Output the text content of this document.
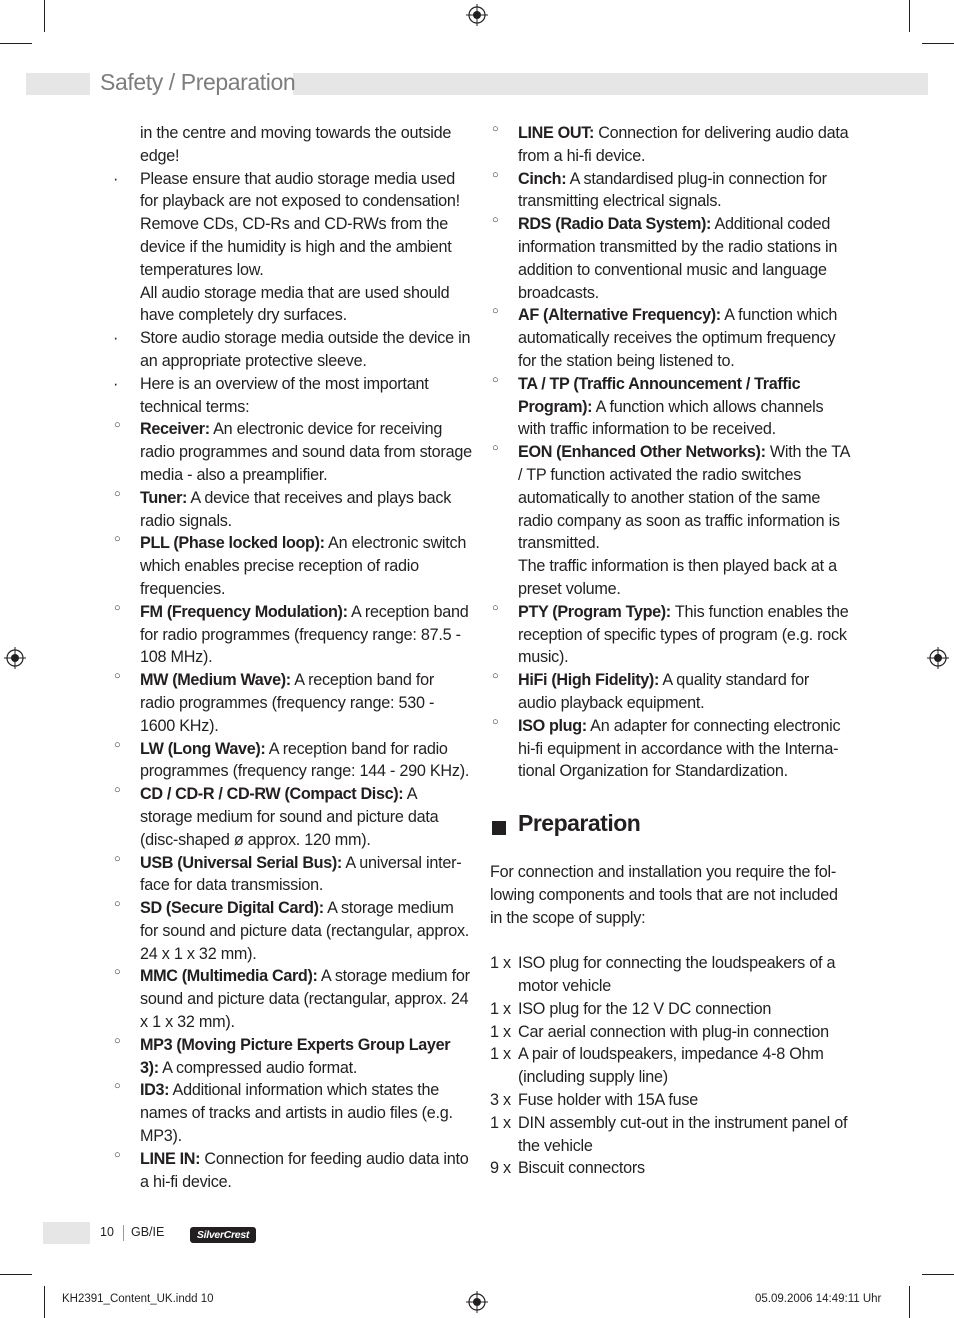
Safety / Preparation
in the centre and moving towards the outside edge!
·	Please ensure that audio storage media used for playback are not exposed to condensation! Remove CDs, CD-Rs and CD-RWs from the device if the humidity is high and the ambient temperatures low.
All audio storage media that are used should have completely dry surfaces.
·	Store audio storage media outside the device in an appropriate protective sleeve.
·	Here is an overview of the most important technical terms:
○	Receiver: An electronic device for receiving radio programmes and sound data from storage media - also a preamplifier.
○	Tuner: A device that receives and plays back radio signals.
○	PLL (Phase locked loop): An electronic switch which enables precise reception of radio frequencies.
○	FM (Frequency Modulation): A reception band for radio programmes (frequency range: 87.5 - 108 MHz).
○	MW (Medium Wave): A reception band for radio programmes (frequency range: 530 - 1600 KHz).
○	LW (Long Wave): A reception band for radio programmes (frequency range: 144 - 290 KHz).
○	CD / CD-R / CD-RW (Compact Disc): A storage medium for sound and picture data (disc-shaped ø approx. 120 mm).
○	USB (Universal Serial Bus): A universal inter-face for data transmission.
○	SD (Secure Digital Card): A storage medium for sound and picture data (rectangular, approx. 24 x 1 x 32 mm).
○	MMC (Multimedia Card): A storage medium for sound and picture data (rectangular, approx. 24 x 1 x 32 mm).
○	MP3 (Moving Picture Experts Group Layer 3): A compressed audio format.
○	ID3: Additional information which states the names of tracks and artists in audio files (e.g. MP3).
○	LINE IN: Connection for feeding audio data into a hi-fi device.
○	LINE OUT: Connection for delivering audio data from a hi-fi device.
○	Cinch: A standardised plug-in connection for transmitting electrical signals.
○	RDS (Radio Data System): Additional coded information transmitted by the radio stations in addition to conventional music and language broadcasts.
○	AF (Alternative Frequency): A function which automatically receives the optimum frequency for the station being listened to.
○	TA / TP (Traffic Announcement / Traffic Program): A function which allows channels with traffic information to be received.
○	EON (Enhanced Other Networks): With the TA / TP function activated the radio switches automatically to another station of the same radio company as soon as traffic information is transmitted.
The traffic information is then played back at a preset volume.
○	PTY (Program Type): This function enables the reception of specific types of program (e.g. rock music).
○	HiFi (High Fidelity): A quality standard for audio playback equipment.
○	ISO plug: An adapter for connecting electronic hi-fi equipment in accordance with the Interna-tional Organization for Standardization.
Preparation
For connection and installation you require the fol-lowing components and tools that are not included in the scope of supply:
1 x ISO plug for connecting the loudspeakers of a motor vehicle
1 x ISO plug for the 12 V DC connection
1 x Car aerial connection with plug-in connection
1 x A pair of loudspeakers, impedance 4-8 Ohm (including supply line)
3 x Fuse holder with 15A fuse
1 x DIN assembly cut-out in the instrument panel of the vehicle
9 x Biscuit connectors
10 GB/IE	SilverCrest
KH2391_Content_UK.indd 10	05.09.2006 14:49:11 Uhr
